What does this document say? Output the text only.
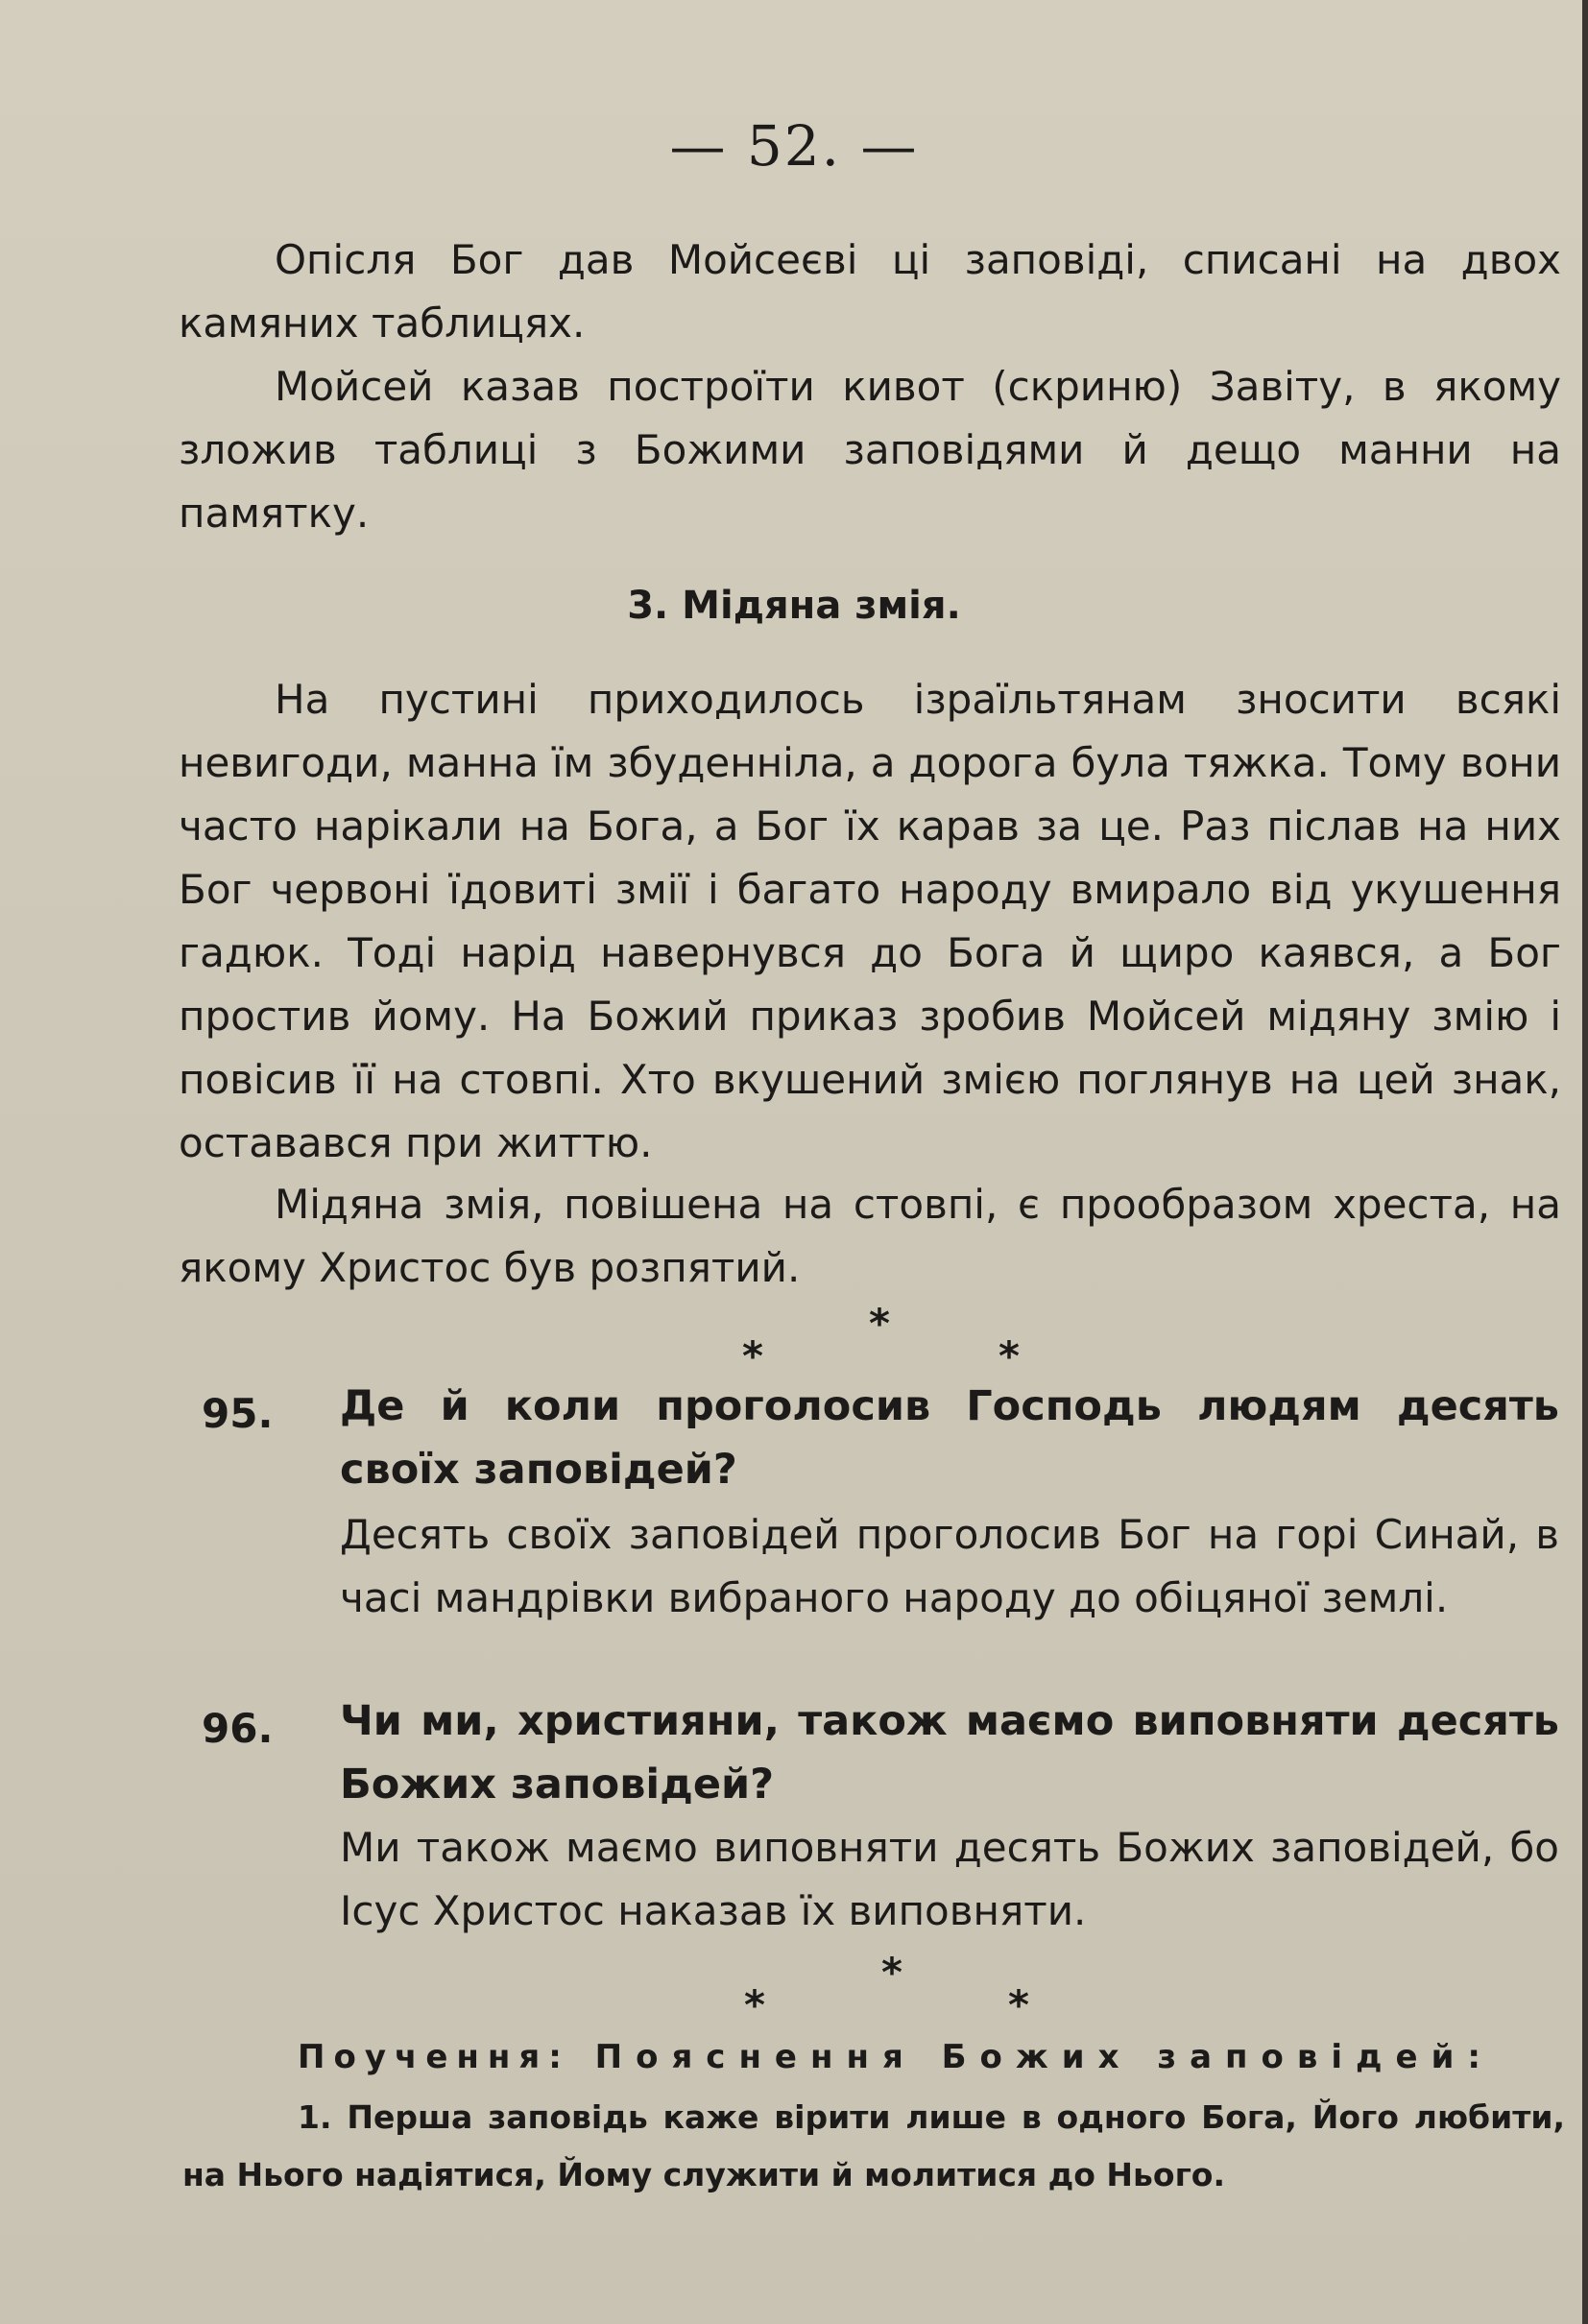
— 52. —

Опісля Бог дав Мойсеєві ці заповіді, списані на двох камяних таблицях.

Мойсей казав построїти кивот (скриню) Завіту, в якому зложив таблиці з Божими заповідями й дещо манни на памятку.

3. Мідяна змія.

На пустині приходилось ізраїльтянам зносити всякі невигоди, манна їм збуденніла, а дорога була тяжка. Тому вони часто нарікали на Бога, а Бог їх карав за це. Раз післав на них Бог червоні їдовиті змії і багато народу вмирало від укушення гадюк. Тоді нарід навернувся до Бога й щиро каявся, а Бог простив йому. На Божий приказ зробив Мойсей мідяну змію і повісив її на стовпі. Хто вкушений змією поглянув на цей знак, оставався при життю.

Мідяна змія, повішена на стовпі, є прообразом хреста, на якому Христос був розпятий.

*
*	*
95. Де й коли проголосив Господь людям десять своїх заповідей?
Десять своїх заповідей проголосив Бог на горі Синай, в часі мандрівки вибраного народу до обіцяної землі.
96. Чи ми, християни, також маємо виповняти десять Божих заповідей?
Ми також маємо виповняти десять Божих заповідей, бо Ісус Христос наказав їх виповняти.
*
*	*
Поучення: Пояснення Божих заповідей:
1. Перша заповідь каже вірити лише в одного Бога, Його любити, на Нього надіятися, Йому служити й молитися до Нього.
